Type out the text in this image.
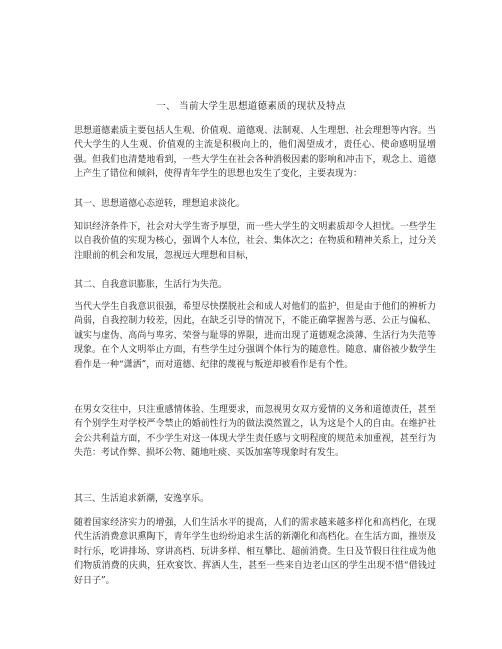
一、 当前大学生思想道德素质的现状及特点

思想道德素质主要包括人生观、价值观、道德观、法制观、人生理想、社会理想等内容。当代大学生的人生观、价值观的主流是积极向上的，他们渴望成才，责任心、使命感明显增强。但我们也清楚地看到，一些大学生在社会各种消极因素的影响和冲击下，观念上、道德上产生了错位和倾斜，使得青年学生的思想也发生了变化，主要表现为：

其一、思想道德心态逆转，理想追求淡化。

知识经济条件下，社会对大学生寄予厚望，而一些大学生的文明素质却令人担忧。一些学生以自我价值的实现为核心，强调个人本位，社会、集体次之；在物质和精神关系上，过分关注眼前的机会和发展，忽视远大理想和目标，

其二、自我意识膨胀，生活行为失范。

当代大学生自我意识很强，希望尽快摆脱社会和成人对他们的监护，但是由于他们的辨析力尚弱，自我控制力较差，因此，在缺乏引导的情况下，不能正确掌握善与恶、公正与偏私、诚实与虚伪、高尚与卑劣、荣誉与耻辱的界限，进而出现了道德观念淡薄、生活行为失范等现象。在个人文明举止方面，有些学生过分强调个体行为的随意性。随意、庸俗被少数学生看作是一种“潇洒”，而对道德、纪律的蔑视与叛逆却被看作是有个性。

在男女交往中，只注重感情体验、生理要求，而忽视男女双方爱情的义务和道德责任，甚至有个别学生对学校严令禁止的婚前性行为的做法漠然置之，认为这是个人的自由。在维护社会公共利益方面，不少学生对这一体现大学生责任感与文明程度的规范未加重视，甚至行为失范：考试作弊、损坏公物、随地吐痰、买饭加塞等现象时有发生。

其三、生活追求新潮，安逸享乐。

随着国家经济实力的增强，人们生活水平的提高，人们的需求越来越多样化和高档化，在现代生活消费意识熏陶下，青年学生也纷纷追求生活的新潮化和高档化。在生活方面，推崇及时行乐，吃讲排场、穿讲高档、玩讲多样、相互攀比、超前消费。生日及节假日往往成为他们物质消费的庆典，狂欢宴饮、挥洒人生，甚至一些来自边老山区的学生出现不惜“借钱过好日子”。
